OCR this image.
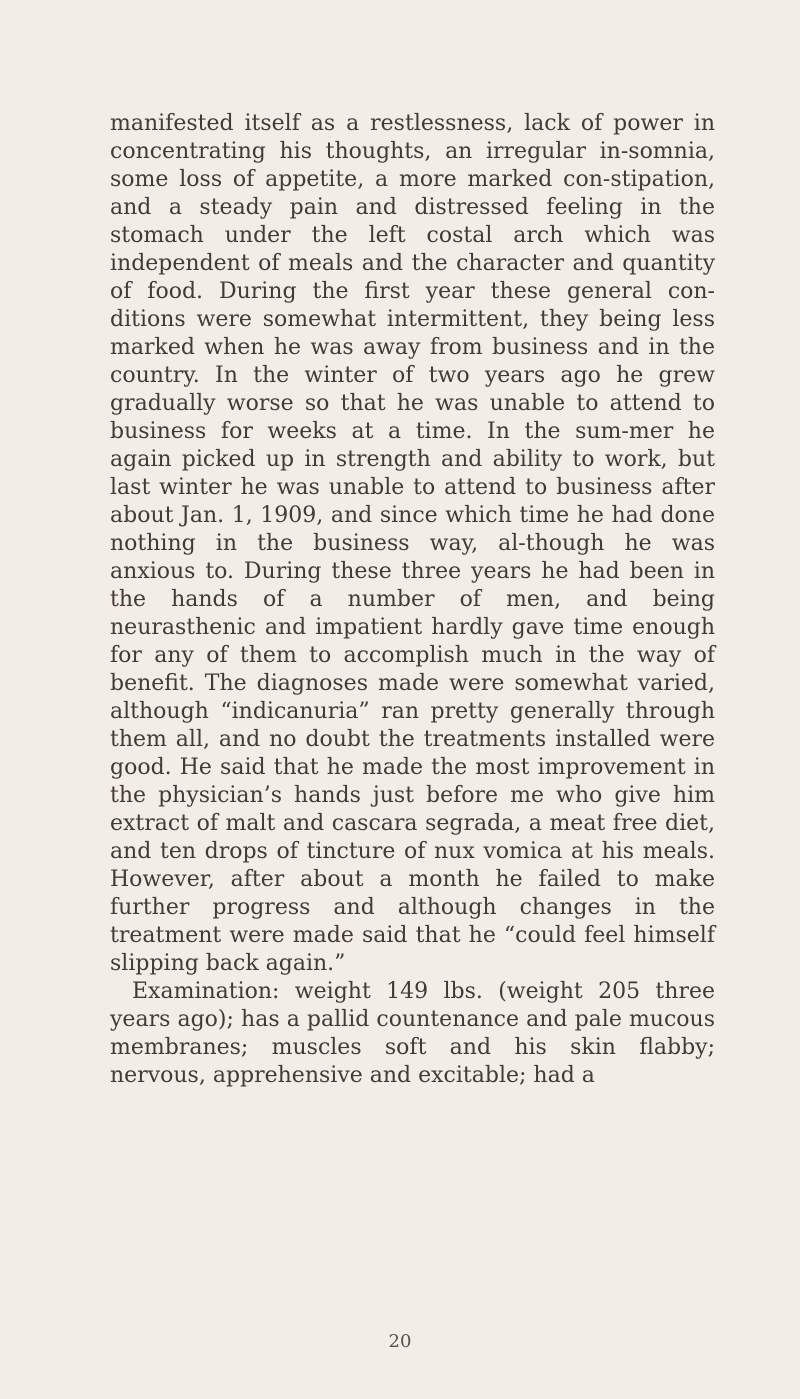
manifested itself as a restlessness, lack of power in concentrating his thoughts, an irregular in-somnia, some loss of appetite, a more marked con-stipation, and a steady pain and distressed feeling in the stomach under the left costal arch which was independent of meals and the character and quantity of food. During the first year these general con-ditions were somewhat intermittent, they being less marked when he was away from business and in the country. In the winter of two years ago he grew gradually worse so that he was unable to attend to business for weeks at a time. In the sum-mer he again picked up in strength and ability to work, but last winter he was unable to attend to business after about Jan. 1, 1909, and since which time he had done nothing in the business way, al-though he was anxious to. During these three years he had been in the hands of a number of men, and being neurasthenic and impatient hardly gave time enough for any of them to accomplish much in the way of benefit. The diagnoses made were somewhat varied, although “indicanuria” ran pretty generally through them all, and no doubt the treatments installed were good. He said that he made the most improvement in the physician’s hands just before me who give him extract of malt and cascara segrada, a meat free diet, and ten drops of tincture of nux vomica at his meals. However, after about a month he failed to make further progress and although changes in the treatment were made said that he “could feel himself slipping back again.”

Examination: weight 149 lbs. (weight 205 three years ago); has a pallid countenance and pale mucous membranes; muscles soft and his skin flabby; nervous, apprehensive and excitable; had a

20
